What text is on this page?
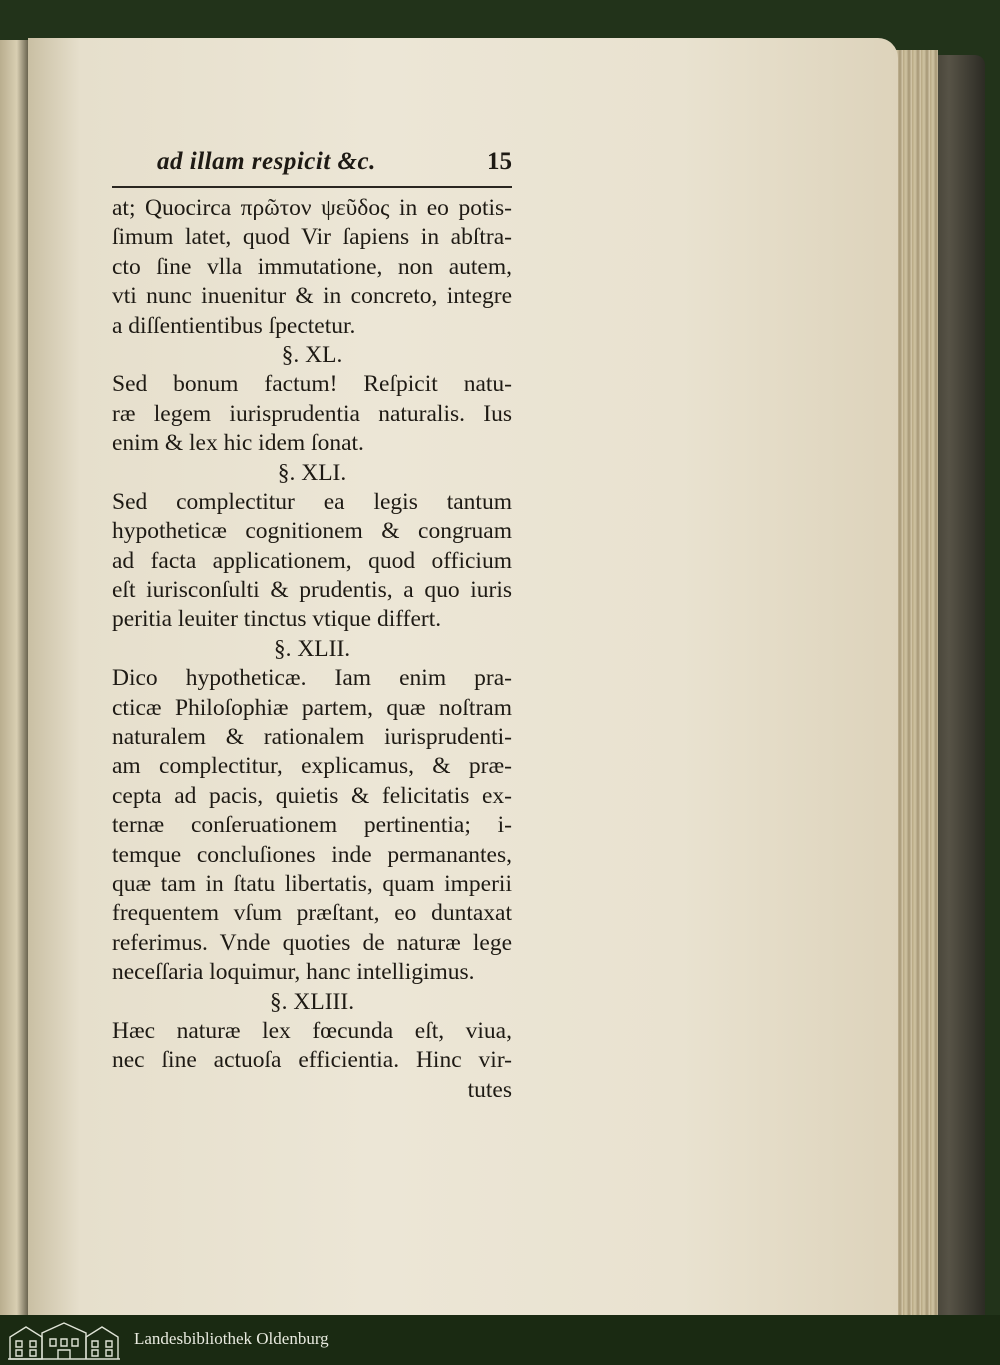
ad illam respicit &c.	15
at; Quocirca πρῶτον ψεῦδος in eo potis-
ſimum latet, quod Vir ſapiens in abſtra-
cto ſine vlla immutatione, non autem,
vti nunc inuenitur & in concreto, integre
a diſſentientibus ſpectetur.
§. XL.
Sed bonum factum! Reſpicit natu-
ræ legem iurisprudentia naturalis. Ius
enim & lex hic idem ſonat.
§. XLI.
Sed complectitur ea legis tantum
hypotheticæ cognitionem & congruam
ad facta applicationem, quod officium
eſt iurisconſulti & prudentis, a quo iuris
peritia leuiter tinctus vtique differt.
§. XLII.
Dico hypotheticæ. Iam enim pra-
cticæ Philoſophiæ partem, quæ noſtram
naturalem & rationalem iurisprudenti-
am complectitur, explicamus, & præ-
cepta ad pacis, quietis & felicitatis ex-
ternæ conſeruationem pertinentia; i-
temque concluſiones inde permanantes,
quæ tam in ſtatu libertatis, quam imperii
frequentem vſum præſtant, eo duntaxat
referimus. Vnde quoties de naturæ lege
neceſſaria loquimur, hanc intelligimus.
§. XLIII.
Hæc naturæ lex fœcunda eſt, viua,
nec ſine actuoſa efficientia. Hinc vir-
tutes
Landesbibliothek Oldenburg
